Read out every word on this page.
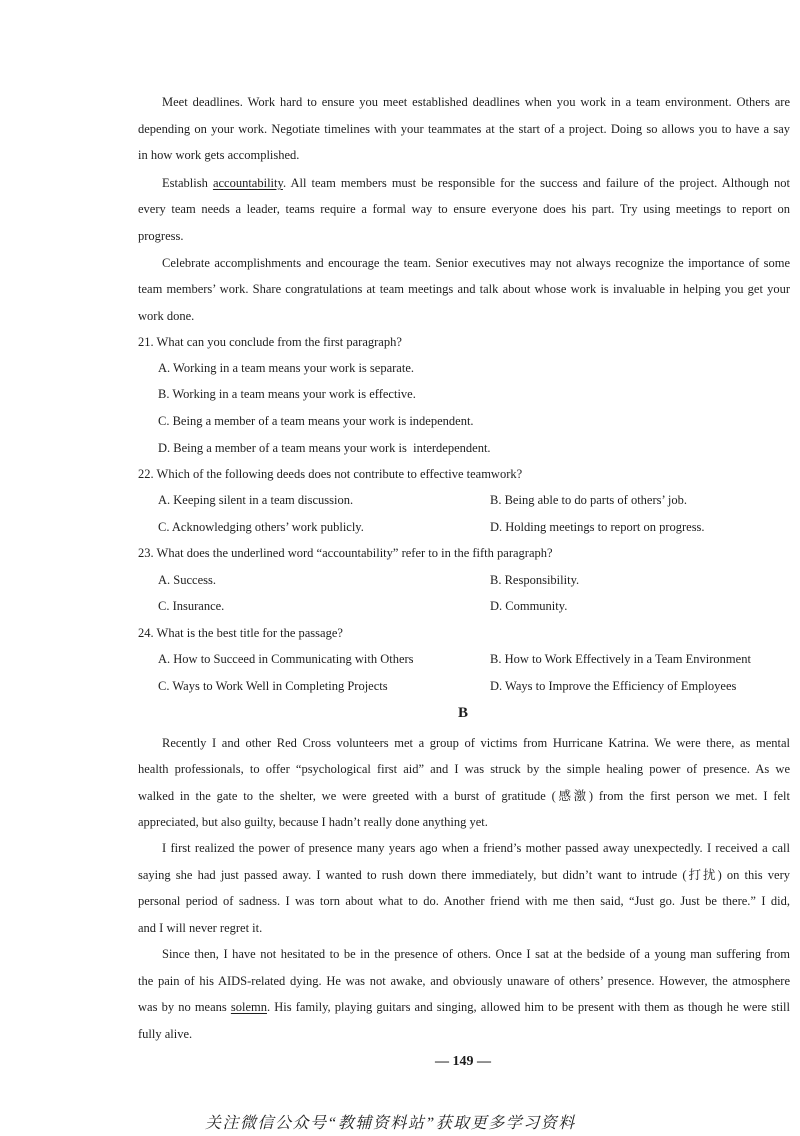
Meet deadlines. Work hard to ensure you meet established deadlines when you work in a team environment. Others are
depending on your work. Negotiate timelines with your teammates at the start of a project. Doing so allows you to have a say
in how work gets accomplished.
Establish accountability. All team members must be responsible for the success and failure of the project. Although not
every team needs a leader, teams require a formal way to ensure everyone does his part. Try using meetings to report on
progress.
Celebrate accomplishments and encourage the team. Senior executives may not always recognize the importance of some
team members’ work. Share congratulations at team meetings and talk about whose work is invaluable in helping you get your
work done.
21. What can you conclude from the first paragraph?
A. Working in a team means your work is separate.
B. Working in a team means your work is effective.
C. Being a member of a team means your work is independent.
D. Being a member of a team means your work is  interdependent.
22. Which of the following deeds does not contribute to effective teamwork?
A. Keeping silent in a team discussion.	B. Being able to do parts of others’ job.
C. Acknowledging others’ work publicly.	D. Holding meetings to report on progress.
23. What does the underlined word “accountability” refer to in the fifth paragraph?
A. Success.	B. Responsibility.
C. Insurance.	D. Community.
24. What is the best title for the passage?
A. How to Succeed in Communicating with Others	B. How to Work Effectively in a Team Environment
C. Ways to Work Well in Completing Projects	D. Ways to Improve the Efficiency of Employees
B
Recently I and other Red Cross volunteers met a group of victims from Hurricane Katrina. We were there, as mental
health professionals, to offer “psychological first aid” and I was struck by the simple healing power of presence. As we
walked in the gate to the shelter, we were greeted with a burst of gratitude (感激) from the first person we met. I felt
appreciated, but also guilty, because I hadn’t really done anything yet.
I first realized the power of presence many years ago when a friend’s mother passed away unexpectedly. I received a call
saying she had just passed away. I wanted to rush down there immediately, but didn’t want to intrude (打扰) on this very
personal period of sadness. I was torn about what to do. Another friend with me then said, “Just go. Just be there.” I did,
and I will never regret it.
Since then, I have not hesitated to be in the presence of others. Once I sat at the bedside of a young man suffering from
the pain of his AIDS-related dying. He was not awake, and obviously unaware of others’ presence. However, the atmosphere
was by no means solemn. His family, playing guitars and singing, allowed him to be present with them as though he were still
fully alive.
— 149 —
关注微信公众号“教辅资料站”获取更多学习资料
